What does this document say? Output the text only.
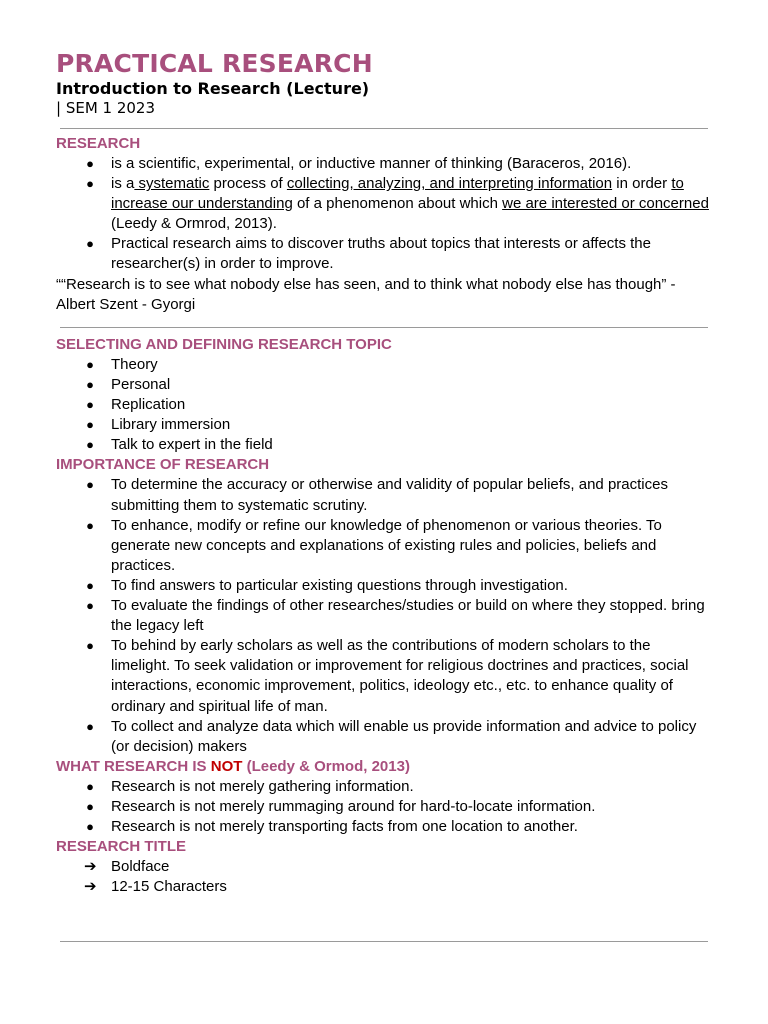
PRACTICAL RESEARCH
Introduction to Research (Lecture)
| SEM 1 2023
RESEARCH
● is a scientific, experimental, or inductive manner of thinking (Baraceros, 2016).
● is a systematic process of collecting, analyzing, and interpreting information in order to increase our understanding of a phenomenon about which we are interested or concerned (Leedy & Ormrod, 2013).
● Practical research aims to discover truths about topics that interests or affects the researcher(s) in order to improve.
““Research is to see what nobody else has seen, and to think what nobody else has though” - Albert Szent - Gyorgi
SELECTING AND DEFINING RESEARCH TOPIC
● Theory
● Personal
● Replication
● Library immersion
● Talk to expert in the field
IMPORTANCE OF RESEARCH
● To determine the accuracy or otherwise and validity of popular beliefs, and practices submitting them to systematic scrutiny.
● To enhance, modify or refine our knowledge of phenomenon or various theories. To generate new concepts and explanations of existing rules and policies, beliefs and practices.
● To find answers to particular existing questions through investigation.
● To evaluate the findings of other researches/studies or build on where they stopped. bring the legacy left
● To behind by early scholars as well as the contributions of modern scholars to the limelight. To seek validation or improvement for religious doctrines and practices, social interactions, economic improvement, politics, ideology etc., etc. to enhance quality of ordinary and spiritual life of man.
● To collect and analyze data which will enable us provide information and advice to policy (or decision) makers
WHAT RESEARCH IS NOT (Leedy & Ormod, 2013)
● Research is not merely gathering information.
● Research is not merely rummaging around for hard-to-locate information.
● Research is not merely transporting facts from one location to another.
RESEARCH TITLE
➔ Boldface
➔ 12-15 Characters
